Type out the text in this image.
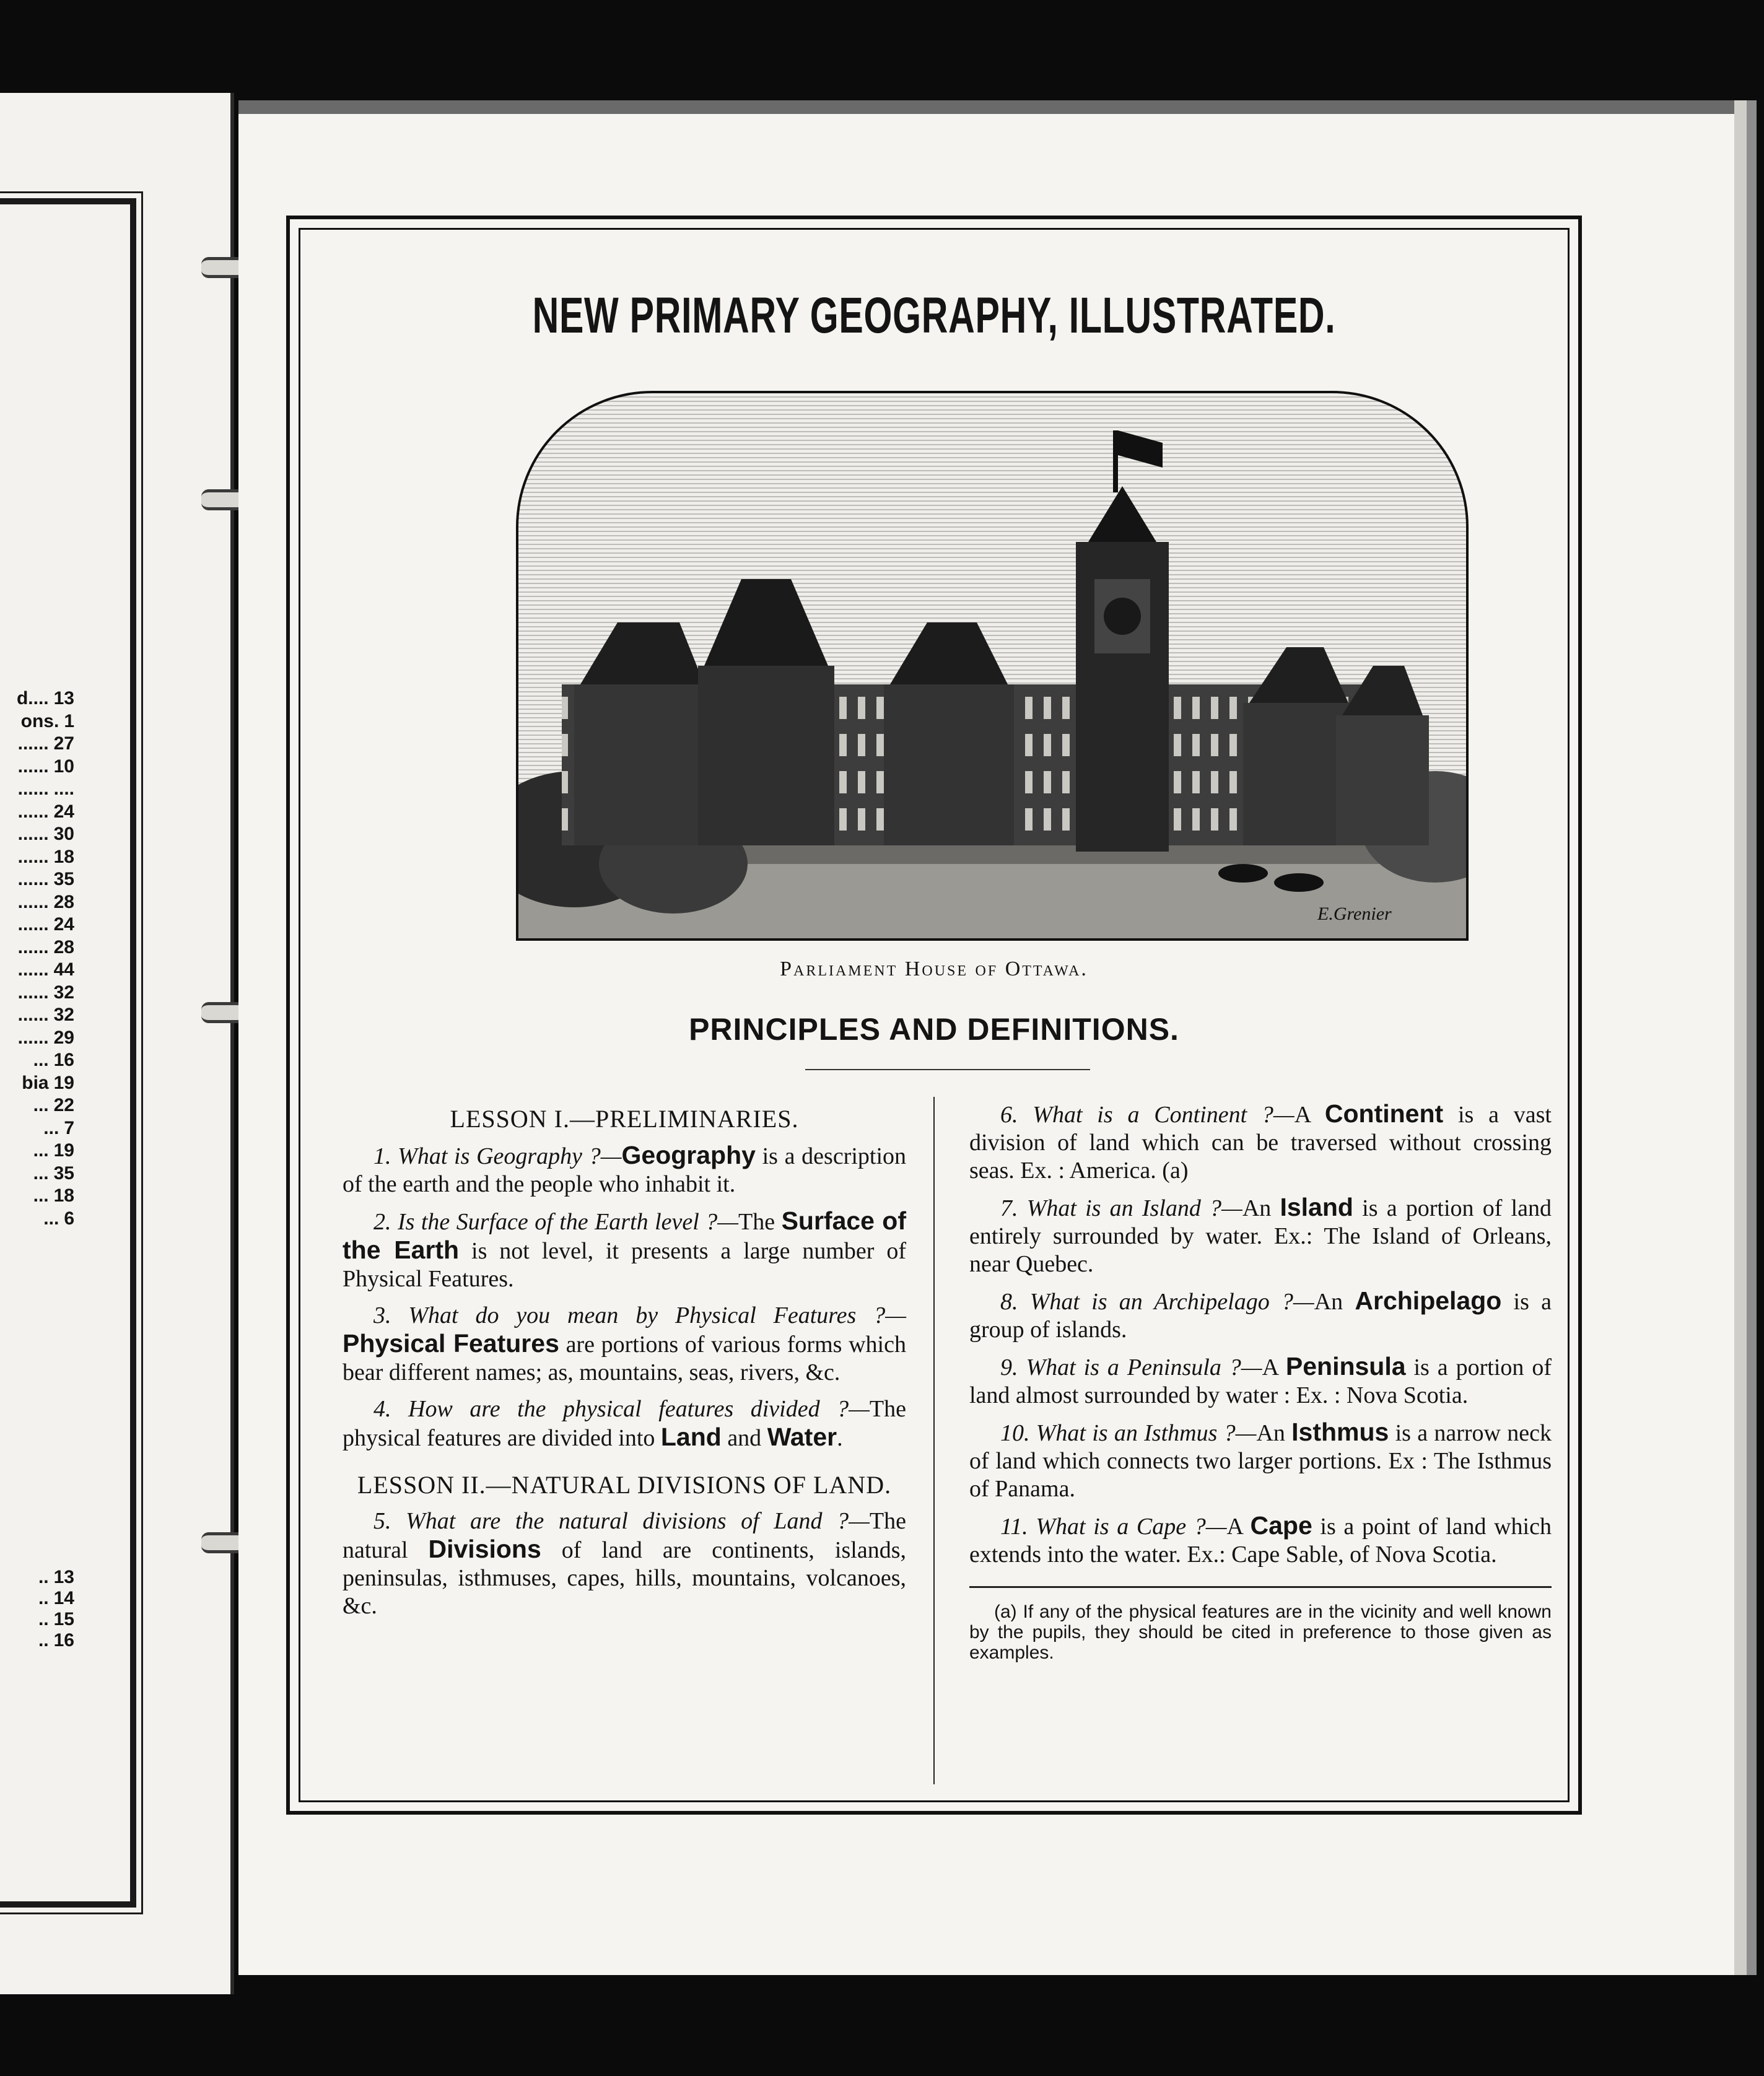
d.... 13
ons. 1
...... 27
...... 10
...... ....
...... 24
...... 30
...... 18
...... 35
...... 28
...... 24
...... 28
...... 44
...... 32
...... 32
...... 29
... 16
bia 19
... 22
... 7
... 19
... 35
... 18
... 6
.. 13
.. 14
.. 15
.. 16
NEW PRIMARY GEOGRAPHY, ILLUSTRATED.
E.Grenier
Parliament House of Ottawa.
PRINCIPLES AND DEFINITIONS.
LESSON I.—PRELIMINARIES.

1. What is Geography ?—Geography is a description of the earth and the people who inhabit it.

2. Is the Surface of the Earth level ?—The Surface of the Earth is not level, it presents a large number of Physical Features.

3. What do you mean by Physical Features ?—Physical Features are portions of various forms which bear different names; as, mountains, seas, rivers, &c.

4. How are the physical features divided ?—The physical features are divided into Land and Water.

LESSON II.—NATURAL DIVISIONS OF LAND.

5. What are the natural divisions of Land ?—The natural Divisions of land are continents, islands, peninsulas, isthmuses, capes, hills, mountains, volcanoes, &c.

6. What is a Continent ?—A Continent is a vast division of land which can be traversed without crossing seas. Ex. : America. (a)

7. What is an Island ?—An Island is a portion of land entirely surrounded by water. Ex.: The Island of Orleans, near Quebec.

8. What is an Archipelago ?—An Archipelago is a group of islands.

9. What is a Peninsula ?—A Peninsula is a portion of land almost surrounded by water : Ex. : Nova Scotia.

10. What is an Isthmus ?—An Isthmus is a narrow neck of land which connects two larger portions. Ex : The Isthmus of Panama.

11. What is a Cape ?—A Cape is a point of land which extends into the water. Ex.: Cape Sable, of Nova Scotia.

(a) If any of the physical features are in the vicinity and well known by the pupils, they should be cited in preference to those given as examples.
